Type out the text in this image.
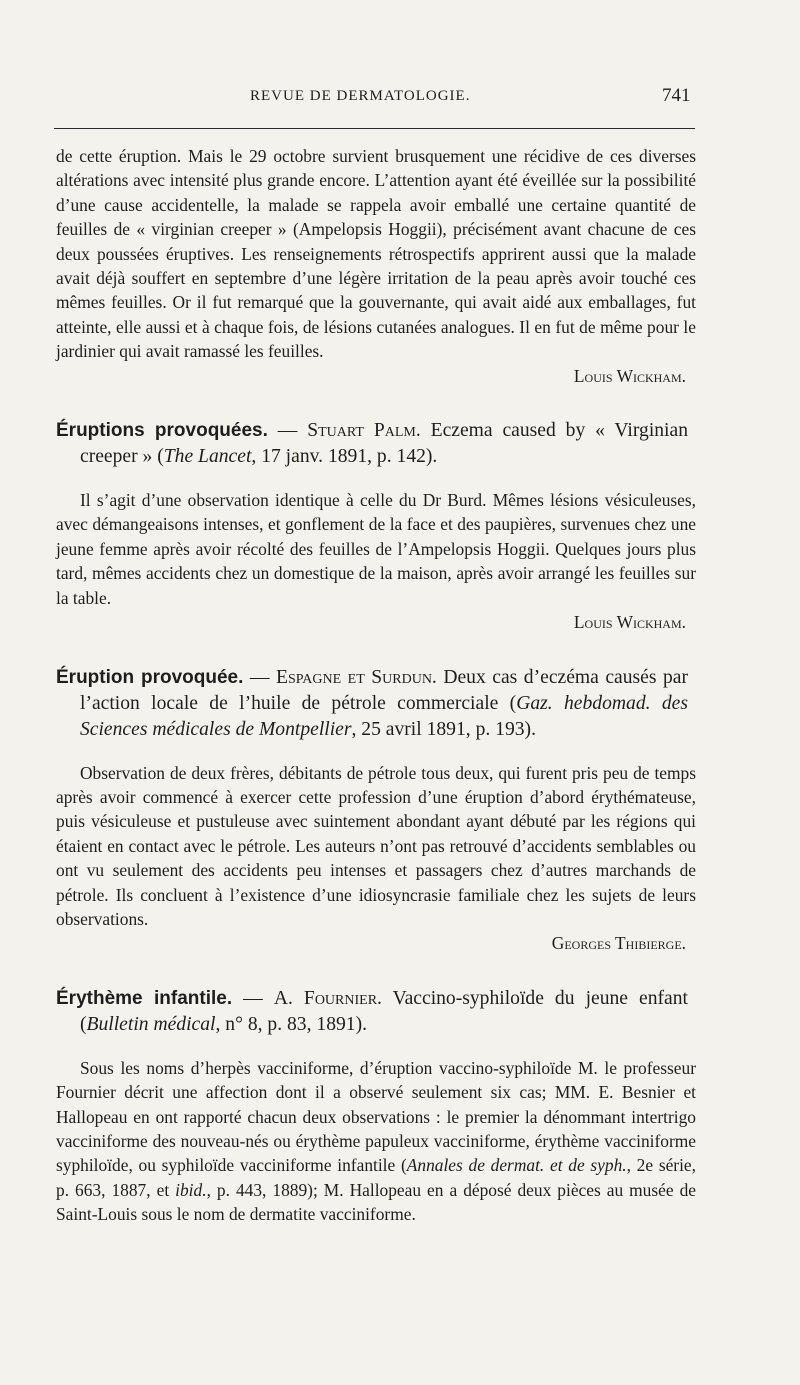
REVUE DE DERMATOLOGIE.	741

de cette éruption. Mais le 29 octobre survient brusquement une récidive de ces diverses altérations avec intensité plus grande encore. L’attention ayant été éveillée sur la possibilité d’une cause accidentelle, la malade se rappela avoir emballé une certaine quantité de feuilles de « virginian creeper » (Ampelopsis Hoggii), précisément avant chacune de ces deux poussées éruptives. Les renseignements rétrospectifs apprirent aussi que la malade avait déjà souffert en septembre d’une légère irritation de la peau après avoir touché ces mêmes feuilles. Or il fut remarqué que la gouvernante, qui avait aidé aux emballages, fut atteinte, elle aussi et à chaque fois, de lésions cutanées analogues. Il en fut de même pour le jardinier qui avait ramassé les feuilles.

Louis Wickham.

Éruptions provoquées. — Stuart Palm. Eczema caused by « Virginian creeper » (The Lancet, 17 janv. 1891, p. 142).

Il s’agit d’une observation identique à celle du Dr Burd. Mêmes lésions vésiculeuses, avec démangeaisons intenses, et gonflement de la face et des paupières, survenues chez une jeune femme après avoir récolté des feuilles de l’Ampelopsis Hoggii. Quelques jours plus tard, mêmes accidents chez un domestique de la maison, après avoir arrangé les feuilles sur la table.

Louis Wickham.

Éruption provoquée. — Espagne et Surdun. Deux cas d’eczéma causés par l’action locale de l’huile de pétrole commerciale (Gaz. hebdomad. des Sciences médicales de Montpellier, 25 avril 1891, p. 193).

Observation de deux frères, débitants de pétrole tous deux, qui furent pris peu de temps après avoir commencé à exercer cette profession d’une éruption d’abord érythémateuse, puis vésiculeuse et pustuleuse avec suintement abondant ayant débuté par les régions qui étaient en contact avec le pétrole. Les auteurs n’ont pas retrouvé d’accidents semblables ou ont vu seulement des accidents peu intenses et passagers chez d’autres marchands de pétrole. Ils concluent à l’existence d’une idiosyncrasie familiale chez les sujets de leurs observations.

Georges Thibierge.

Érythème infantile. — A. Fournier. Vaccino-syphiloïde du jeune enfant (Bulletin médical, n° 8, p. 83, 1891).

Sous les noms d’herpès vacciniforme, d’éruption vaccino-syphiloïde M. le professeur Fournier décrit une affection dont il a observé seulement six cas; MM. E. Besnier et Hallopeau en ont rapporté chacun deux observations : le premier la dénommant intertrigo vacciniforme des nouveau-nés ou érythème papuleux vacciniforme, érythème vacciniforme syphiloïde, ou syphiloïde vacciniforme infantile (Annales de dermat. et de syph., 2e série, p. 663, 1887, et ibid., p. 443, 1889); M. Hallopeau en a déposé deux pièces au musée de Saint-Louis sous le nom de dermatite vacciniforme.
